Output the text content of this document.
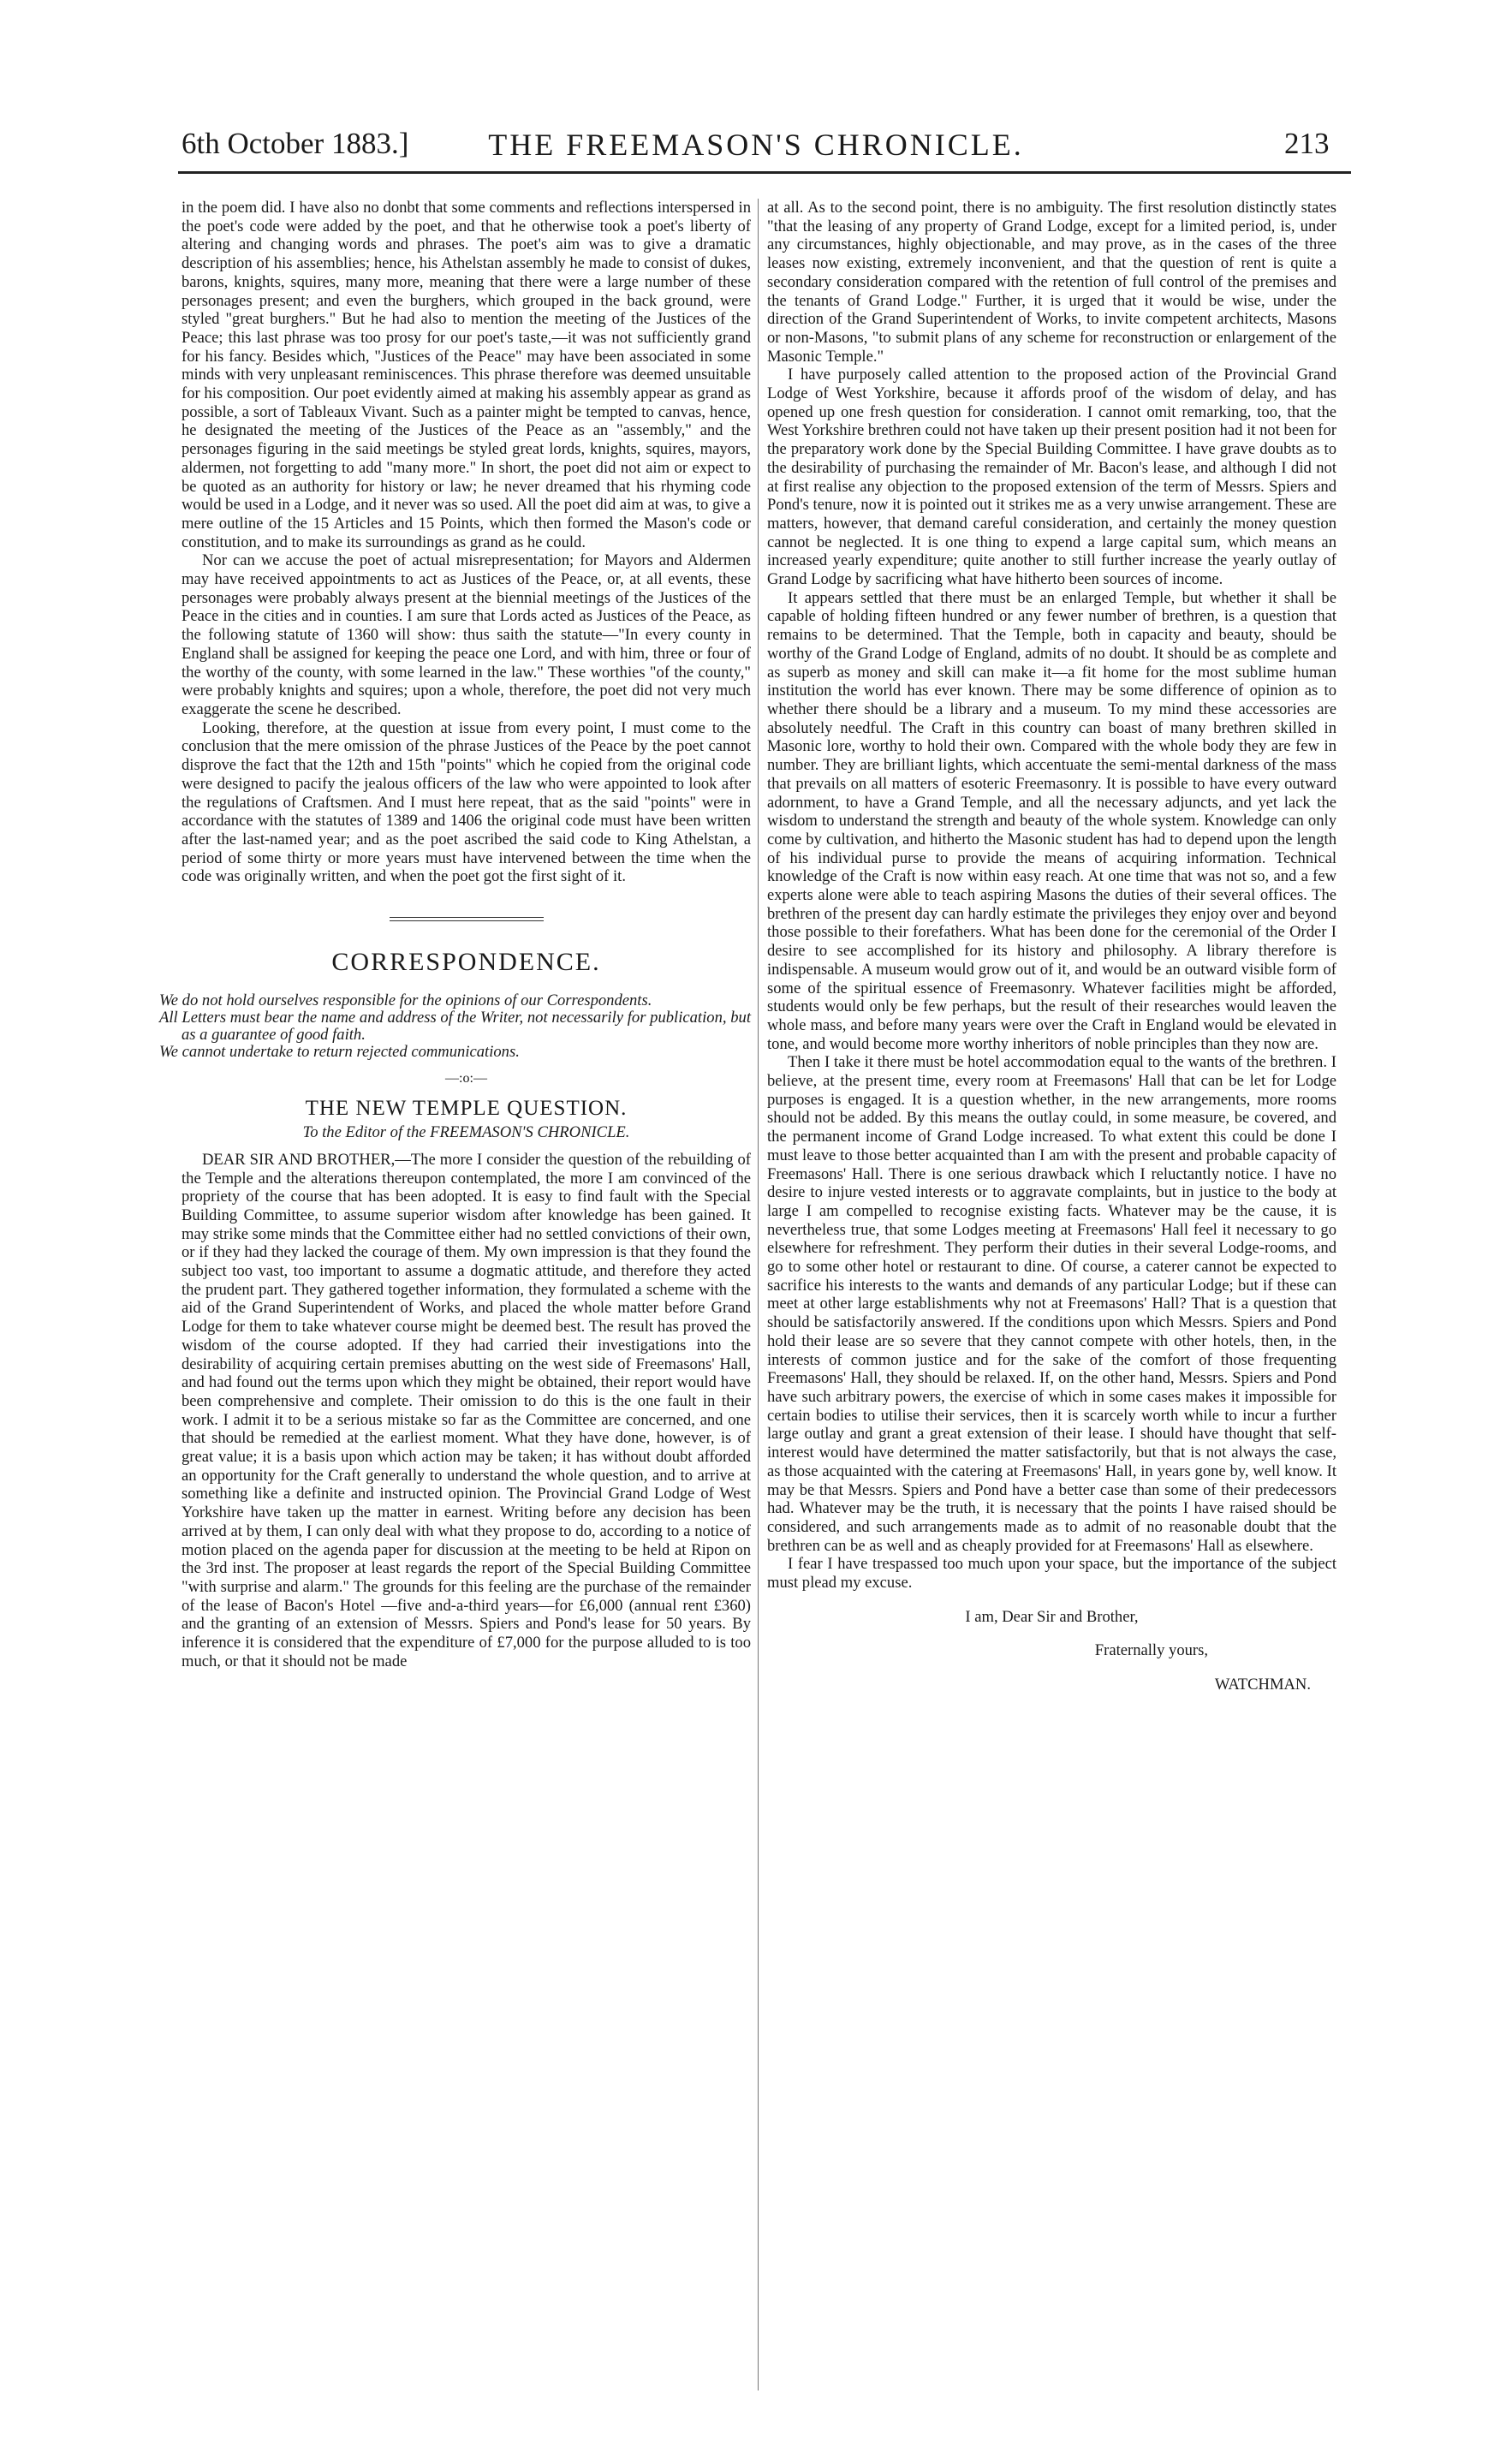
6th October 1883.]	THE FREEMASON'S CHRONICLE.	213

in the poem did. I have also no donbt that some comments and reflections interspersed in the poet's code were added by the poet, and that he otherwise took a poet's liberty of altering and changing words and phrases. The poet's aim was to give a dramatic description of his assemblies; hence, his Athelstan assembly he made to consist of dukes, barons, knights, squires, many more, meaning that there were a large number of these personages present; and even the burghers, which grouped in the back ground, were styled "great burghers." But he had also to mention the meeting of the Justices of the Peace; this last phrase was too prosy for our poet's taste,—it was not sufficiently grand for his fancy. Besides which, "Justices of the Peace" may have been associated in some minds with very unpleasant reminiscences. This phrase therefore was deemed unsuitable for his composition. Our poet evidently aimed at making his assembly appear as grand as possible, a sort of Tableaux Vivant. Such as a painter might be tempted to canvas, hence, he designated the meeting of the Justices of the Peace as an "assembly," and the personages figuring in the said meetings be styled great lords, knights, squires, mayors, aldermen, not forgetting to add "many more." In short, the poet did not aim or expect to be quoted as an authority for history or law; he never dreamed that his rhyming code would be used in a Lodge, and it never was so used. All the poet did aim at was, to give a mere outline of the 15 Articles and 15 Points, which then formed the Mason's code or constitution, and to make its surroundings as grand as he could.

Nor can we accuse the poet of actual misrepresentation; for Mayors and Aldermen may have received appointments to act as Justices of the Peace, or, at all events, these personages were probably always present at the biennial meetings of the Justices of the Peace in the cities and in counties. I am sure that Lords acted as Justices of the Peace, as the following statute of 1360 will show: thus saith the statute—"In every county in England shall be assigned for keeping the peace one Lord, and with him, three or four of the worthy of the county, with some learned in the law." These worthies "of the county," were probably knights and squires; upon a whole, therefore, the poet did not very much exaggerate the scene he described.

Looking, therefore, at the question at issue from every point, I must come to the conclusion that the mere omission of the phrase Justices of the Peace by the poet cannot disprove the fact that the 12th and 15th "points" which he copied from the original code were designed to pacify the jealous officers of the law who were appointed to look after the regulations of Craftsmen. And I must here repeat, that as the said "points" were in accordance with the statutes of 1389 and 1406 the original code must have been written after the last-named year; and as the poet ascribed the said code to King Athelstan, a period of some thirty or more years must have intervened between the time when the code was originally written, and when the poet got the first sight of it.

CORRESPONDENCE.

We do not hold ourselves responsible for the opinions of our Correspondents.

All Letters must bear the name and address of the Writer, not necessarily for publication, but as a guarantee of good faith.

We cannot undertake to return rejected communications.

—:o:—
THE NEW TEMPLE QUESTION.
To the Editor of the FREEMASON'S CHRONICLE.

DEAR SIR AND BROTHER,—The more I consider the question of the rebuilding of the Temple and the alterations thereupon contemplated, the more I am convinced of the propriety of the course that has been adopted. It is easy to find fault with the Special Building Committee, to assume superior wisdom after knowledge has been gained. It may strike some minds that the Committee either had no settled convictions of their own, or if they had they lacked the courage of them. My own impression is that they found the subject too vast, too important to assume a dogmatic attitude, and therefore they acted the prudent part. They gathered together information, they formulated a scheme with the aid of the Grand Superintendent of Works, and placed the whole matter before Grand Lodge for them to take whatever course might be deemed best. The result has proved the wisdom of the course adopted. If they had carried their investigations into the desirability of acquiring certain premises abutting on the west side of Freemasons' Hall, and had found out the terms upon which they might be obtained, their report would have been comprehensive and complete. Their omission to do this is the one fault in their work. I admit it to be a serious mistake so far as the Committee are concerned, and one that should be remedied at the earliest moment. What they have done, however, is of great value; it is a basis upon which action may be taken; it has without doubt afforded an opportunity for the Craft generally to understand the whole question, and to arrive at something like a definite and instructed opinion. The Provincial Grand Lodge of West Yorkshire have taken up the matter in earnest. Writing before any decision has been arrived at by them, I can only deal with what they propose to do, according to a notice of motion placed on the agenda paper for discussion at the meeting to be held at Ripon on the 3rd inst. The proposer at least regards the report of the Special Building Committee "with surprise and alarm." The grounds for this feeling are the purchase of the remainder of the lease of Bacon's Hotel —five and-a-third years—for £6,000 (annual rent £360) and the granting of an extension of Messrs. Spiers and Pond's lease for 50 years. By inference it is considered that the expenditure of £7,000 for the purpose alluded to is too much, or that it should not be made

at all. As to the second point, there is no ambiguity. The first resolution distinctly states "that the leasing of any property of Grand Lodge, except for a limited period, is, under any circumstances, highly objectionable, and may prove, as in the cases of the three leases now existing, extremely inconvenient, and that the question of rent is quite a secondary consideration compared with the retention of full control of the premises and the tenants of Grand Lodge." Further, it is urged that it would be wise, under the direction of the Grand Superintendent of Works, to invite competent architects, Masons or non-Masons, "to submit plans of any scheme for reconstruction or enlargement of the Masonic Temple."

I have purposely called attention to the proposed action of the Provincial Grand Lodge of West Yorkshire, because it affords proof of the wisdom of delay, and has opened up one fresh question for consideration. I cannot omit remarking, too, that the West Yorkshire brethren could not have taken up their present position had it not been for the preparatory work done by the Special Building Committee. I have grave doubts as to the desirability of purchasing the remainder of Mr. Bacon's lease, and although I did not at first realise any objection to the proposed extension of the term of Messrs. Spiers and Pond's tenure, now it is pointed out it strikes me as a very unwise arrangement. These are matters, however, that demand careful consideration, and certainly the money question cannot be neglected. It is one thing to expend a large capital sum, which means an increased yearly expenditure; quite another to still further increase the yearly outlay of Grand Lodge by sacrificing what have hitherto been sources of income.

It appears settled that there must be an enlarged Temple, but whether it shall be capable of holding fifteen hundred or any fewer number of brethren, is a question that remains to be determined. That the Temple, both in capacity and beauty, should be worthy of the Grand Lodge of England, admits of no doubt. It should be as complete and as superb as money and skill can make it—a fit home for the most sublime human institution the world has ever known. There may be some difference of opinion as to whether there should be a library and a museum. To my mind these accessories are absolutely needful. The Craft in this country can boast of many brethren skilled in Masonic lore, worthy to hold their own. Compared with the whole body they are few in number. They are brilliant lights, which accentuate the semi-mental darkness of the mass that prevails on all matters of esoteric Freemasonry. It is possible to have every outward adornment, to have a Grand Temple, and all the necessary adjuncts, and yet lack the wisdom to understand the strength and beauty of the whole system. Knowledge can only come by cultivation, and hitherto the Masonic student has had to depend upon the length of his individual purse to provide the means of acquiring information. Technical knowledge of the Craft is now within easy reach. At one time that was not so, and a few experts alone were able to teach aspiring Masons the duties of their several offices. The brethren of the present day can hardly estimate the privileges they enjoy over and beyond those possible to their forefathers. What has been done for the ceremonial of the Order I desire to see accomplished for its history and philosophy. A library therefore is indispensable. A museum would grow out of it, and would be an outward visible form of some of the spiritual essence of Freemasonry. Whatever facilities might be afforded, students would only be few perhaps, but the result of their researches would leaven the whole mass, and before many years were over the Craft in England would be elevated in tone, and would become more worthy inheritors of noble principles than they now are.

Then I take it there must be hotel accommodation equal to the wants of the brethren. I believe, at the present time, every room at Freemasons' Hall that can be let for Lodge purposes is engaged. It is a question whether, in the new arrangements, more rooms should not be added. By this means the outlay could, in some measure, be covered, and the permanent income of Grand Lodge increased. To what extent this could be done I must leave to those better acquainted than I am with the present and probable capacity of Freemasons' Hall. There is one serious drawback which I reluctantly notice. I have no desire to injure vested interests or to aggravate complaints, but in justice to the body at large I am compelled to recognise existing facts. Whatever may be the cause, it is nevertheless true, that some Lodges meeting at Freemasons' Hall feel it necessary to go elsewhere for refreshment. They perform their duties in their several Lodge-rooms, and go to some other hotel or restaurant to dine. Of course, a caterer cannot be expected to sacrifice his interests to the wants and demands of any particular Lodge; but if these can meet at other large establishments why not at Freemasons' Hall? That is a question that should be satisfactorily answered. If the conditions upon which Messrs. Spiers and Pond hold their lease are so severe that they cannot compete with other hotels, then, in the interests of common justice and for the sake of the comfort of those frequenting Freemasons' Hall, they should be relaxed. If, on the other hand, Messrs. Spiers and Pond have such arbitrary powers, the exercise of which in some cases makes it impossible for certain bodies to utilise their services, then it is scarcely worth while to incur a further large outlay and grant a great extension of their lease. I should have thought that self-interest would have determined the matter satisfactorily, but that is not always the case, as those acquainted with the catering at Freemasons' Hall, in years gone by, well know. It may be that Messrs. Spiers and Pond have a better case than some of their predecessors had. Whatever may be the truth, it is necessary that the points I have raised should be considered, and such arrangements made as to admit of no reasonable doubt that the brethren can be as well and as cheaply provided for at Freemasons' Hall as elsewhere.

I fear I have trespassed too much upon your space, but the importance of the subject must plead my excuse.

I am, Dear Sir and Brother,
Fraternally yours,
WATCHMAN.
